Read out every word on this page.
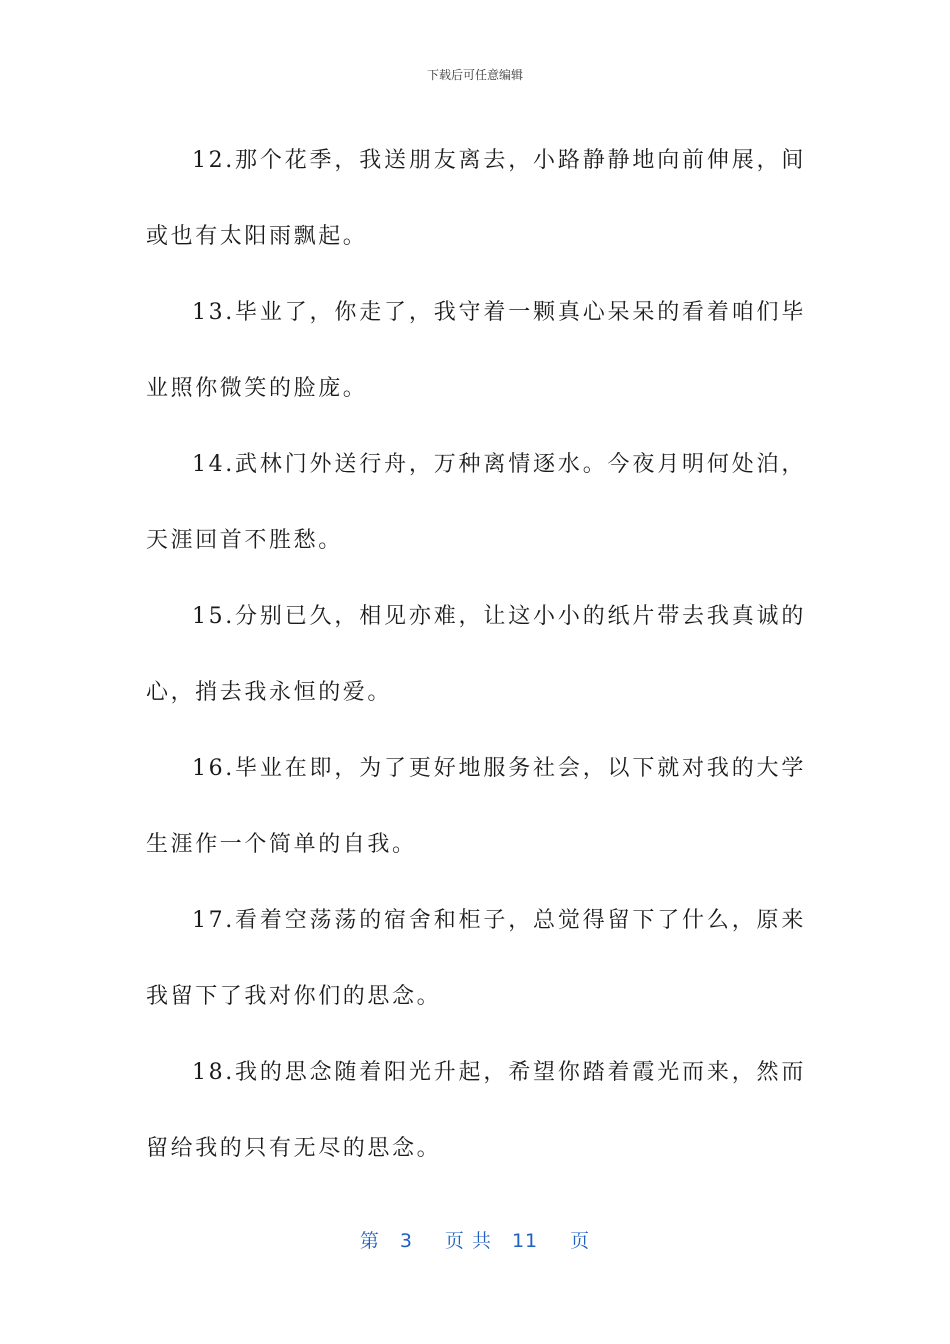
下载后可任意编辑

12.那个花季，我送朋友离去，小路静静地向前伸展，间或也有太阳雨飘起。

13.毕业了，你走了，我守着一颗真心呆呆的看着咱们毕业照你微笑的脸庞。

14.武林门外送行舟，万种离情逐水。今夜月明何处泊，天涯回首不胜愁。

15.分别已久，相见亦难，让这小小的纸片带去我真诚的心，捎去我永恒的爱。

16.毕业在即，为了更好地服务社会，以下就对我的大学生涯作一个简单的自我。

17.看着空荡荡的宿舍和柜子，总觉得留下了什么，原来我留下了我对你们的思念。

18.我的思念随着阳光升起，希望你踏着霞光而来，然而留给我的只有无尽的思念。

第 3 页 共 11 页
